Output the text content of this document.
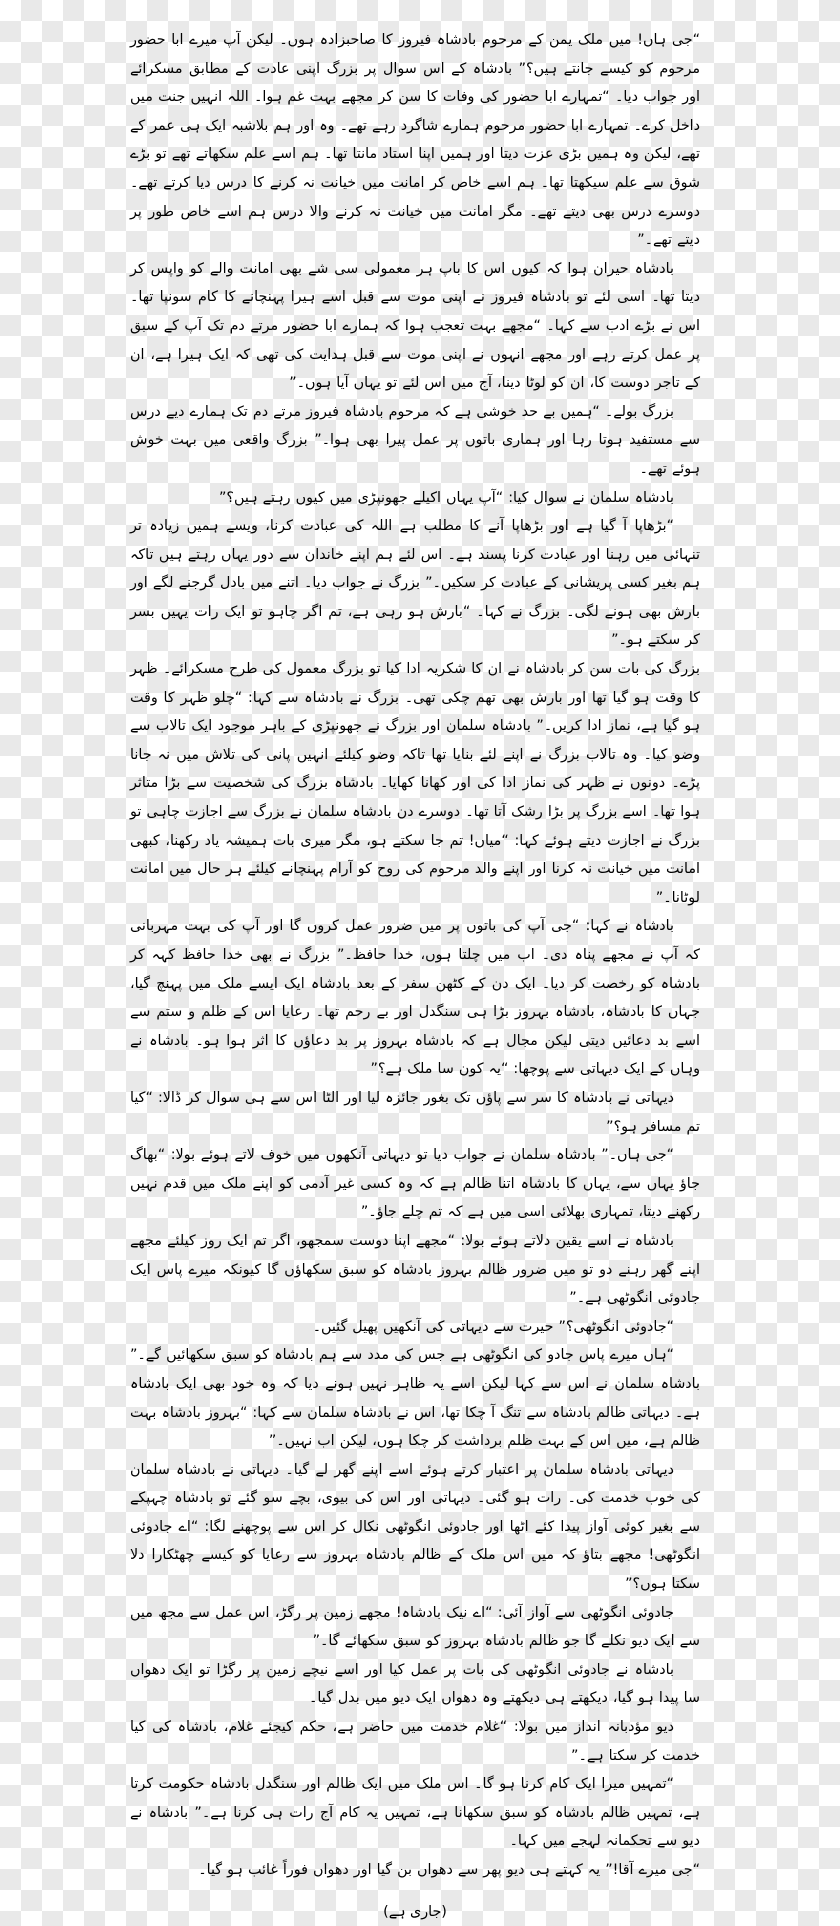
“جی ہاں! میں ملک یمن کے مرحوم بادشاہ فیروز کا صاحبزادہ ہوں۔ لیکن آپ میرے ابا حضور مرحوم کو کیسے جانتے ہیں؟” بادشاہ کے اس سوال پر بزرگ اپنی عادت کے مطابق مسکرائے اور جواب دیا۔ “تمہارے ابا حضور کی وفات کا سن کر مجھے بہت غم ہوا۔ اللہ انہیں جنت میں داخل کرے۔ تمہارے ابا حضور مرحوم ہمارے شاگرد رہے تھے۔ وہ اور ہم بلاشبہ ایک ہی عمر کے تھے، لیکن وہ ہمیں بڑی عزت دیتا اور ہمیں اپنا استاد مانتا تھا۔ ہم اسے علم سکھاتے تھے تو بڑے شوق سے علم سیکھتا تھا۔ ہم اسے خاص کر امانت میں خیانت نہ کرنے کا درس دیا کرتے تھے۔ دوسرے درس بھی دیتے تھے۔ مگر امانت میں خیانت نہ کرنے والا درس ہم اسے خاص طور پر دیتے تھے۔”

بادشاہ حیران ہوا کہ کیوں اس کا باپ ہر معمولی سی شے بھی امانت والے کو واپس کر دیتا تھا۔ اسی لئے تو بادشاہ فیروز نے اپنی موت سے قبل اسے ہیرا پہنچانے کا کام سونپا تھا۔ اس نے بڑے ادب سے کہا۔ “مجھے بہت تعجب ہوا کہ ہمارے ابا حضور مرتے دم تک آپ کے سبق پر عمل کرتے رہے اور مجھے انہوں نے اپنی موت سے قبل ہدایت کی تھی کہ ایک ہیرا ہے، ان کے تاجر دوست کا، ان کو لوٹا دینا، آج میں اس لئے تو یہاں آیا ہوں۔”

بزرگ بولے۔ “ہمیں بے حد خوشی ہے کہ مرحوم بادشاہ فیروز مرتے دم تک ہمارے دیے درس سے مستفید ہوتا رہا اور ہماری باتوں پر عمل پیرا بھی ہوا۔” بزرگ واقعی میں بہت خوش ہوئے تھے۔

بادشاہ سلمان نے سوال کیا: “آپ یہاں اکیلے جھونپڑی میں کیوں رہتے ہیں؟”

“بڑھاپا آ گیا ہے اور بڑھاپا آنے کا مطلب ہے اللہ کی عبادت کرنا، ویسے ہمیں زیادہ تر تنہائی میں رہنا اور عبادت کرنا پسند ہے۔ اس لئے ہم اپنے خاندان سے دور یہاں رہتے ہیں تاکہ ہم بغیر کسی پریشانی کے عبادت کر سکیں۔” بزرگ نے جواب دیا۔ اتنے میں بادل گرجنے لگے اور بارش بھی ہونے لگی۔ بزرگ نے کہا۔ “بارش ہو رہی ہے، تم اگر چاہو تو ایک رات یہیں بسر کر سکتے ہو۔”

بزرگ کی بات سن کر بادشاہ نے ان کا شکریہ ادا کیا تو بزرگ معمول کی طرح مسکرائے۔ ظہر کا وقت ہو گیا تھا اور بارش بھی تھم چکی تھی۔ بزرگ نے بادشاہ سے کہا: “چلو ظہر کا وقت ہو گیا ہے، نماز ادا کریں۔” بادشاہ سلمان اور بزرگ نے جھونپڑی کے باہر موجود ایک تالاب سے وضو کیا۔ وہ تالاب بزرگ نے اپنے لئے بنایا تھا تاکہ وضو کیلئے انہیں پانی کی تلاش میں نہ جانا پڑے۔ دونوں نے ظہر کی نماز ادا کی اور کھانا کھایا۔ بادشاہ بزرگ کی شخصیت سے بڑا متاثر ہوا تھا۔ اسے بزرگ پر بڑا رشک آتا تھا۔ دوسرے دن بادشاہ سلمان نے بزرگ سے اجازت چاہی تو بزرگ نے اجازت دیتے ہوئے کہا: “میاں! تم جا سکتے ہو، مگر میری بات ہمیشہ یاد رکھنا، کبھی امانت میں خیانت نہ کرنا اور اپنے والد مرحوم کی روح کو آرام پہنچانے کیلئے ہر حال میں امانت لوٹانا۔”

بادشاہ نے کہا: “جی آپ کی باتوں پر میں ضرور عمل کروں گا اور آپ کی بہت مہربانی کہ آپ نے مجھے پناہ دی۔ اب میں چلتا ہوں، خدا حافظ۔” بزرگ نے بھی خدا حافظ کہہ کر بادشاہ کو رخصت کر دیا۔ ایک دن کے کٹھن سفر کے بعد بادشاہ ایک ایسے ملک میں پہنچ گیا، جہاں کا بادشاہ، بادشاہ بہروز بڑا ہی سنگدل اور بے رحم تھا۔ رعایا اس کے ظلم و ستم سے اسے بد دعائیں دیتی لیکن مجال ہے کہ بادشاہ بہروز پر بد دعاؤں کا اثر ہوا ہو۔ بادشاہ نے وہاں کے ایک دیہاتی سے پوچھا: “یہ کون سا ملک ہے؟”

دیہاتی نے بادشاہ کا سر سے پاؤں تک بغور جائزہ لیا اور الٹا اس سے ہی سوال کر ڈالا: “کیا تم مسافر ہو؟”

“جی ہاں۔” بادشاہ سلمان نے جواب دیا تو دیہاتی آنکھوں میں خوف لاتے ہوئے بولا: “بھاگ جاؤ یہاں سے، یہاں کا بادشاہ اتنا ظالم ہے کہ وہ کسی غیر آدمی کو اپنے ملک میں قدم نہیں رکھنے دیتا، تمہاری بھلائی اسی میں ہے کہ تم چلے جاؤ۔”

بادشاہ نے اسے یقین دلاتے ہوئے بولا: “مجھے اپنا دوست سمجھو، اگر تم ایک روز کیلئے مجھے اپنے گھر رہنے دو تو میں ضرور ظالم بہروز بادشاہ کو سبق سکھاؤں گا کیونکہ میرے پاس ایک جادوئی انگوٹھی ہے۔”

“جادوئی انگوٹھی؟” حیرت سے دیہاتی کی آنکھیں پھیل گئیں۔

“ہاں میرے پاس جادو کی انگوٹھی ہے جس کی مدد سے ہم بادشاہ کو سبق سکھائیں گے۔” بادشاہ سلمان نے اس سے کہا لیکن اسے یہ ظاہر نہیں ہونے دیا کہ وہ خود بھی ایک بادشاہ ہے۔ دیہاتی ظالم بادشاہ سے تنگ آ چکا تھا، اس نے بادشاہ سلمان سے کہا: “بہروز بادشاہ بہت ظالم ہے، میں اس کے بہت ظلم برداشت کر چکا ہوں، لیکن اب نہیں۔”

دیہاتی بادشاہ سلمان پر اعتبار کرتے ہوئے اسے اپنے گھر لے گیا۔ دیہاتی نے بادشاہ سلمان کی خوب خدمت کی۔ رات ہو گئی۔ دیہاتی اور اس کی بیوی، بچے سو گئے تو بادشاہ چہپکے سے بغیر کوئی آواز پیدا کئے اٹھا اور جادوئی انگوٹھی نکال کر اس سے پوچھنے لگا: “اے جادوئی انگوٹھی! مجھے بتاؤ کہ میں اس ملک کے ظالم بادشاہ بہروز سے رعایا کو کیسے چھٹکارا دلا سکتا ہوں؟”

جادوئی انگوٹھی سے آواز آئی: “اے نیک بادشاہ! مجھے زمین پر رگڑ، اس عمل سے مجھ میں سے ایک دیو نکلے گا جو ظالم بادشاہ بہروز کو سبق سکھائے گا۔”

بادشاہ نے جادوئی انگوٹھی کی بات پر عمل کیا اور اسے نیچے زمین پر رگڑا تو ایک دھواں سا پیدا ہو گیا، دیکھتے ہی دیکھتے وہ دھواں ایک دیو میں بدل گیا۔

دیو مؤدبانہ انداز میں بولا: “غلام خدمت میں حاضر ہے، حکم کیجئے غلام، بادشاہ کی کیا خدمت کر سکتا ہے۔”

“تمہیں میرا ایک کام کرنا ہو گا۔ اس ملک میں ایک ظالم اور سنگدل بادشاہ حکومت کرتا ہے، تمہیں ظالم بادشاہ کو سبق سکھانا ہے، تمہیں یہ کام آج رات ہی کرنا ہے۔” بادشاہ نے دیو سے تحکمانہ لہجے میں کہا۔

“جی میرے آقا!” یہ کہتے ہی دیو پھر سے دھواں بن گیا اور دھواں فوراً غائب ہو گیا۔

(جاری ہے)
